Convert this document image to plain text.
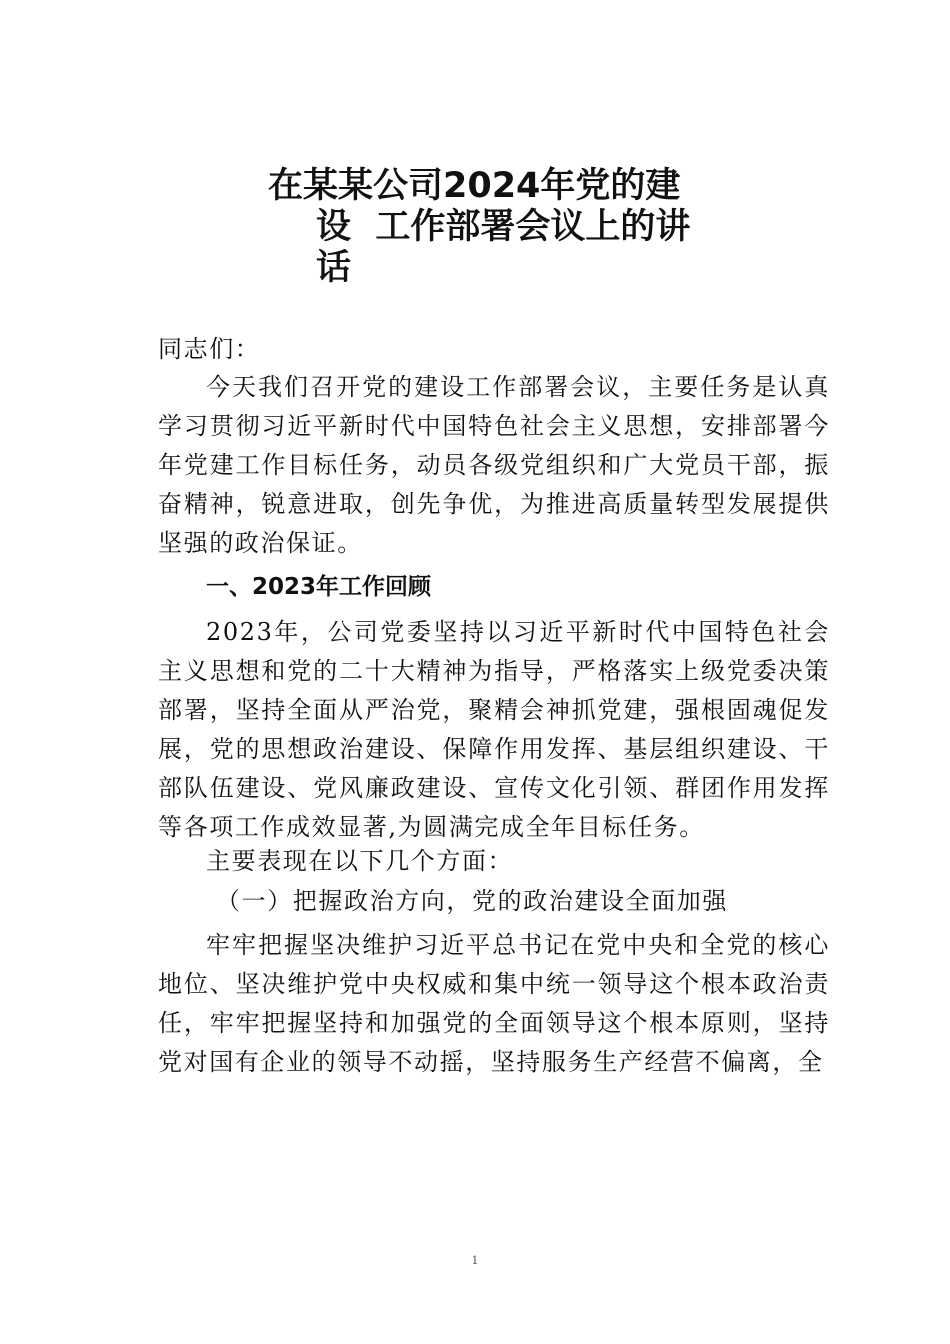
在某某公司2024年党的建
设  工作部署会议上的讲
话
同志们：
今天我们召开党的建设工作部署会议，主要任务是认真学习贯彻习近平新时代中国特色社会主义思想，安排部署今年党建工作目标任务，动员各级党组织和广大党员干部，振奋精神，锐意进取，创先争优，为推进高质量转型发展提供坚强的政治保证。
一、2023年工作回顾
2023年，公司党委坚持以习近平新时代中国特色社会主义思想和党的二十大精神为指导，严格落实上级党委决策部署，坚持全面从严治党，聚精会神抓党建，强根固魂促发展，党的思想政治建设、保障作用发挥、基层组织建设、干部队伍建设、党风廉政建设、宣传文化引领、群团作用发挥等各项工作成效显著,为圆满完成全年目标任务。
主要表现在以下几个方面：
（一）把握政治方向，党的政治建设全面加强
牢牢把握坚决维护习近平总书记在党中央和全党的核心地位、坚决维护党中央权威和集中统一领导这个根本政治责任，牢牢把握坚持和加强党的全面领导这个根本原则，坚持党对国有企业的领导不动摇，坚持服务生产经营不偏离，全
1
